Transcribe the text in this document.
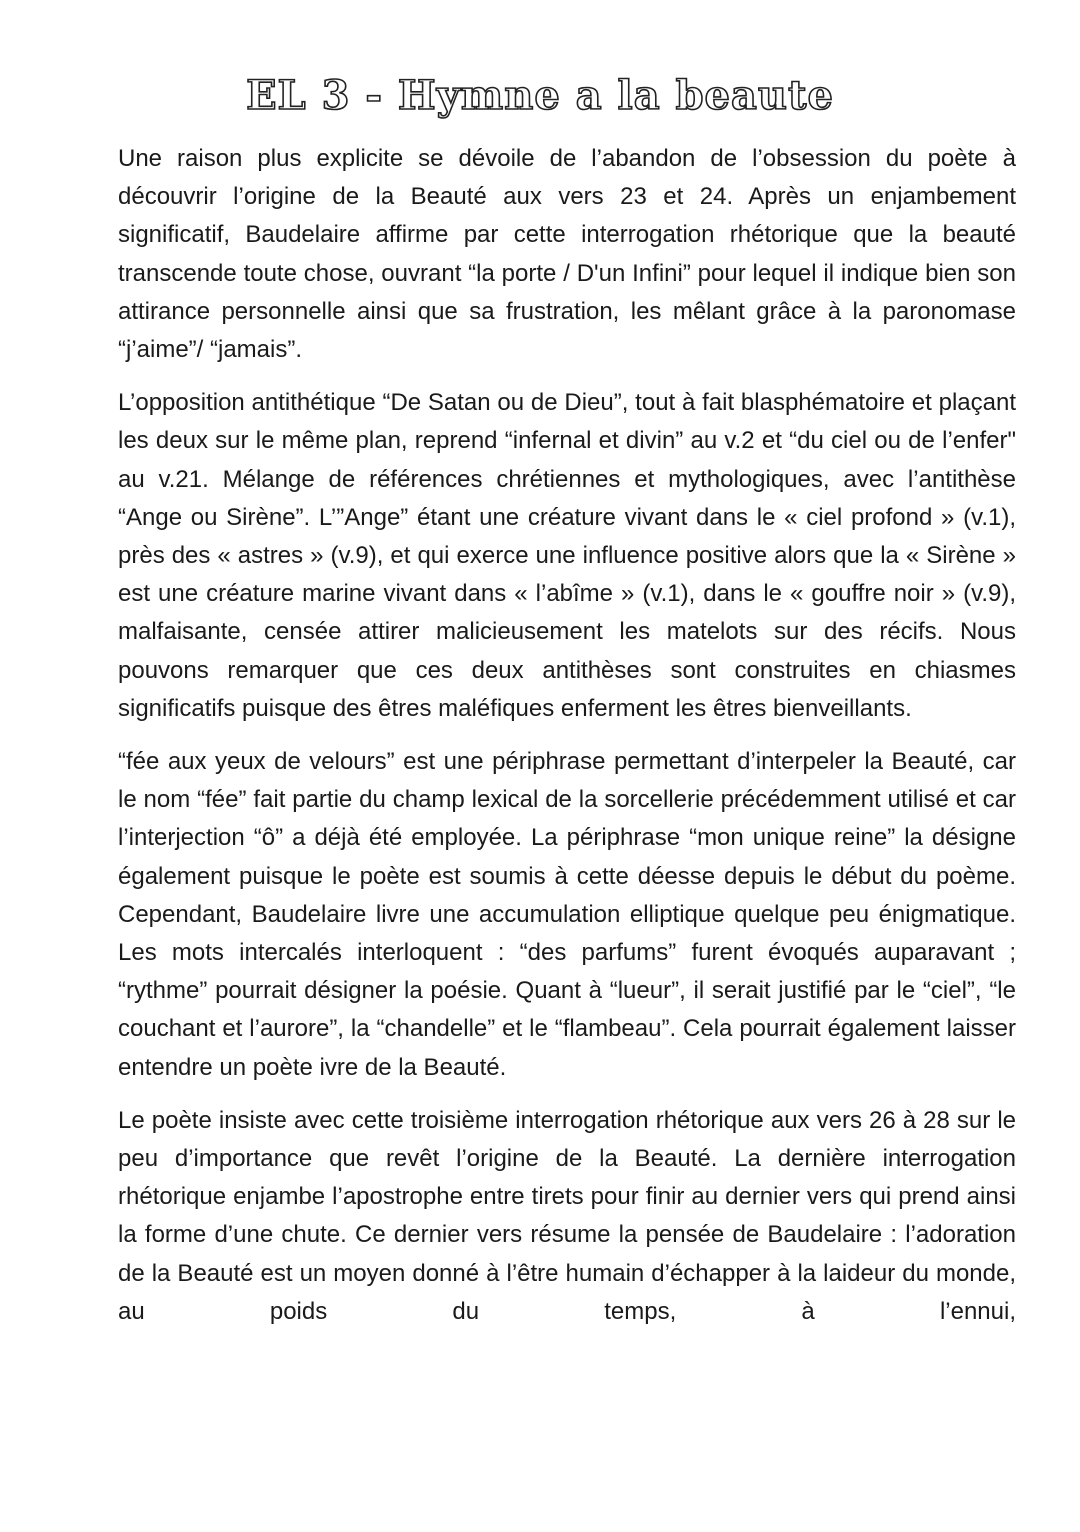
EL 3 - Hymne a la beaute

Une raison plus explicite se dévoile de l’abandon de l’obsession du poète à découvrir l’origine de la Beauté aux vers 23 et 24. Après un enjambement significatif, Baudelaire affirme par cette interrogation rhétorique que la beauté transcende toute chose, ouvrant “la porte / D'un Infini” pour lequel il indique bien son attirance personnelle ainsi que sa frustration, les mêlant grâce à la paronomase “j’aime”/ “jamais”.

L’opposition antithétique “De Satan ou de Dieu”, tout à fait blasphématoire et plaçant les deux sur le même plan, reprend “infernal et divin” au v.2 et “du ciel ou de l’enfer" au v.21. Mélange de références chrétiennes et mythologiques, avec l’antithèse “Ange ou Sirène”. L’”Ange” étant une créature vivant dans le « ciel profond » (v.1), près des « astres » (v.9), et qui exerce une influence positive alors que la « Sirène » est une créature marine vivant dans « l’abîme » (v.1), dans le « gouffre noir » (v.9), malfaisante, censée attirer malicieusement les matelots sur des récifs. Nous pouvons remarquer que ces deux antithèses sont construites en chiasmes significatifs puisque des êtres maléfiques enferment les êtres bienveillants.

“fée aux yeux de velours” est une périphrase permettant d’interpeler la Beauté, car le nom “fée” fait partie du champ lexical de la sorcellerie précédemment utilisé et car l’interjection “ô” a déjà été employée. La périphrase “mon unique reine” la désigne également puisque le poète est soumis à cette déesse depuis le début du poème. Cependant, Baudelaire livre une accumulation elliptique quelque peu énigmatique. Les mots intercalés interloquent : “des parfums” furent évoqués auparavant ; “rythme” pourrait désigner la poésie. Quant à “lueur”, il serait justifié par le “ciel”, “le couchant et l’aurore”, la “chandelle” et le “flambeau”. Cela pourrait également laisser entendre un poète ivre de la Beauté.

Le poète insiste avec cette troisième interrogation rhétorique aux vers 26 à 28 sur le peu d’importance que revêt l’origine de la Beauté. La dernière interrogation rhétorique enjambe l’apostrophe entre tirets pour finir au dernier vers qui prend ainsi la forme d’une chute. Ce dernier vers résume la pensée de Baudelaire : l’adoration de la Beauté est un moyen donné à l’être humain d’échapper à la laideur du monde, au poids du temps, à l’ennui,
